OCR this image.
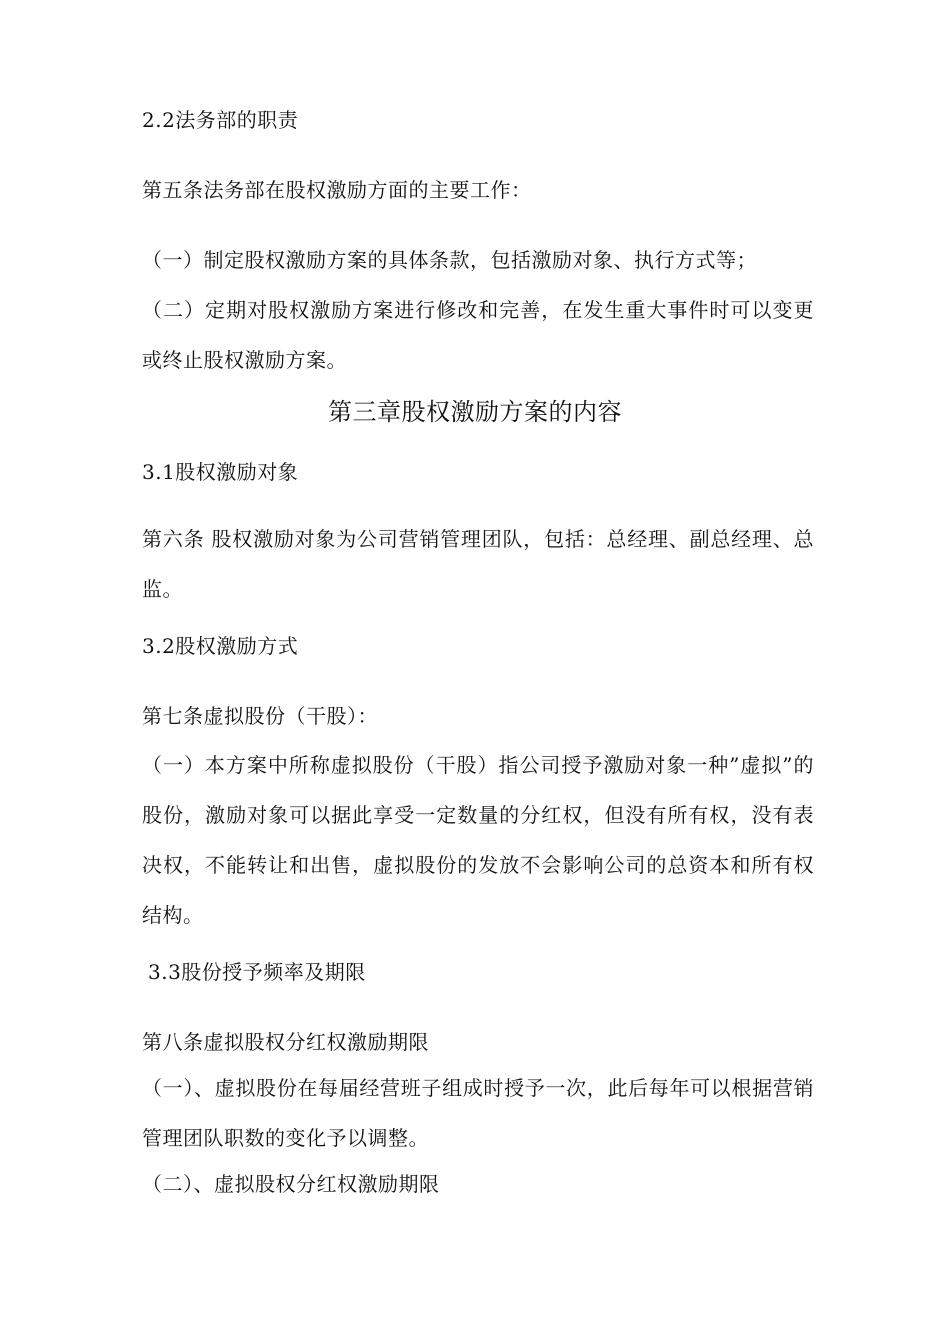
2.2法务部的职责
第五条法务部在股权激励方面的主要工作：
（一）制定股权激励方案的具体条款，包括激励对象、执行方式等；
（二）定期对股权激励方案进行修改和完善，在发生重大事件时可以变更或终止股权激励方案。
第三章股权激励方案的内容
3.1股权激励对象
第六条 股权激励对象为公司营销管理团队，包括：总经理、副总经理、总监。
3.2股权激励方式
第七条虚拟股份（干股）：
（一）本方案中所称虚拟股份（干股）指公司授予激励对象一种”虚拟”的股份，激励对象可以据此享受一定数量的分红权，但没有所有权，没有表决权，不能转让和出售，虚拟股份的发放不会影响公司的总资本和所有权结构。
3.3股份授予频率及期限
第八条虚拟股权分红权激励期限
（一）、虚拟股份在每届经营班子组成时授予一次，此后每年可以根据营销管理团队职数的变化予以调整。
（二）、虚拟股权分红权激励期限
